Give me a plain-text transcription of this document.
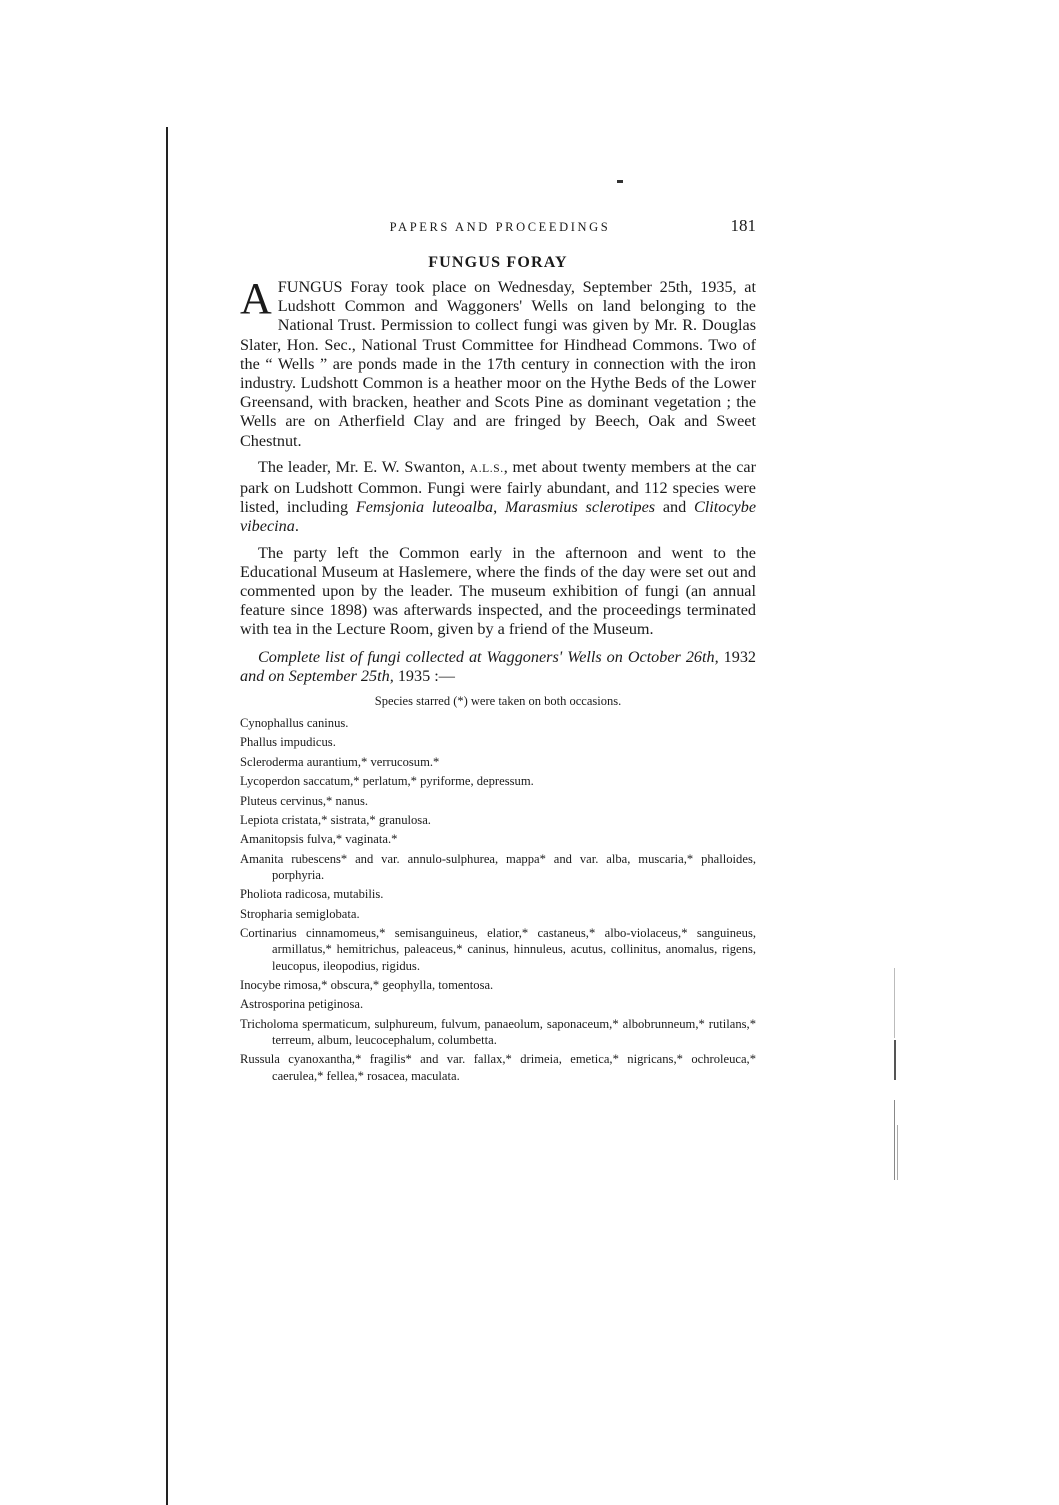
PAPERS AND PROCEEDINGS	181
FUNGUS FORAY

AFUNGUS Foray took place on Wednesday, September 25th, 1935, at Ludshott Common and Waggoners' Wells on land belonging to the National Trust. Permission to collect fungi was given by Mr. R. Douglas Slater, Hon. Sec., National Trust Committee for Hindhead Commons. Two of the “ Wells ” are ponds made in the 17th century in connection with the iron industry. Ludshott Common is a heather moor on the Hythe Beds of the Lower Greensand, with bracken, heather and Scots Pine as dominant vegetation ; the Wells are on Atherfield Clay and are fringed by Beech, Oak and Sweet Chestnut.

The leader, Mr. E. W. Swanton, A.L.S., met about twenty members at the car park on Ludshott Common. Fungi were fairly abundant, and 112 species were listed, including Femsjonia luteoalba, Marasmius sclerotipes and Clitocybe vibecina.

The party left the Common early in the afternoon and went to the Educational Museum at Haslemere, where the finds of the day were set out and commented upon by the leader. The museum exhibition of fungi (an annual feature since 1898) was afterwards inspected, and the proceedings terminated with tea in the Lecture Room, given by a friend of the Museum.

Complete list of fungi collected at Waggoners' Wells on October 26th, 1932 and on September 25th, 1935 :—

Species starred (*) were taken on both occasions.
Cynophallus caninus.
Phallus impudicus.
Scleroderma aurantium,* verrucosum.*
Lycoperdon saccatum,* perlatum,* pyriforme, depressum.
Pluteus cervinus,* nanus.
Lepiota cristata,* sistrata,* granulosa.
Amanitopsis fulva,* vaginata.*
Amanita rubescens* and var. annulo-sulphurea, mappa* and var. alba, muscaria,* phalloides, porphyria.
Pholiota radicosa, mutabilis.
Stropharia semiglobata.
Cortinarius cinnamomeus,* semisanguineus, elatior,* castaneus,* albo-violaceus,* sanguineus, armillatus,* hemitrichus, paleaceus,* caninus, hinnuleus, acutus, collinitus, anomalus, rigens, leucopus, ileopodius, rigidus.
Inocybe rimosa,* obscura,* geophylla, tomentosa.
Astrosporina petiginosa.
Tricholoma spermaticum, sulphureum, fulvum, panaeolum, saponaceum,* albobrunneum,* rutilans,* terreum, album, leucocephalum, columbetta.
Russula cyanoxantha,* fragilis* and var. fallax,* drimeia, emetica,* nigricans,* ochroleuca,* caerulea,* fellea,* rosacea, maculata.
